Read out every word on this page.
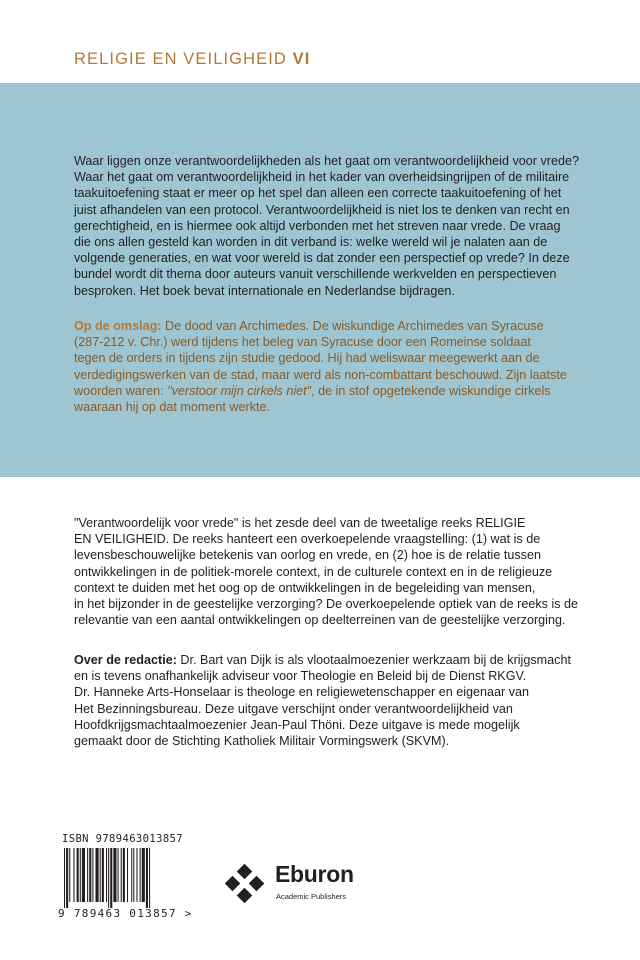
RELIGIE EN VEILIGHEID VI
Waar liggen onze verantwoordelijkheden als het gaat om verantwoordelijkheid voor vrede?
Waar het gaat om verantwoordelijkheid in het kader van overheidsingrijpen of de militaire
taakuitoefening staat er meer op het spel dan alleen een correcte taakuitoefening of het
juist afhandelen van een protocol. Verantwoordelijkheid is niet los te denken van recht en
gerechtigheid, en is hiermee ook altijd verbonden met het streven naar vrede. De vraag
die ons allen gesteld kan worden in dit verband is: welke wereld wil je nalaten aan de
volgende generaties, en wat voor wereld is dat zonder een perspectief op vrede? In deze
bundel wordt dit thema door auteurs vanuit verschillende werkvelden en perspectieven
besproken. Het boek bevat internationale en Nederlandse bijdragen.
Op de omslag: De dood van Archimedes. De wiskundige Archimedes van Syracuse
(287-212 v. Chr.) werd tijdens het beleg van Syracuse door een Romeinse soldaat
tegen de orders in tijdens zijn studie gedood. Hij had weliswaar meegewerkt aan de
verdedigingswerken van de stad, maar werd als non-combattant beschouwd. Zijn laatste
woorden waren: "verstoor mijn cirkels niet", de in stof opgetekende wiskundige cirkels
waaraan hij op dat moment werkte.
"Verantwoordelijk voor vrede" is het zesde deel van de tweetalige reeks RELIGIE
EN VEILIGHEID. De reeks hanteert een overkoepelende vraagstelling: (1) wat is de
levensbeschouwelijke betekenis van oorlog en vrede, en (2) hoe is de relatie tussen
ontwikkelingen in de politiek-morele context, in de culturele context en in de religieuze
context te duiden met het oog op de ontwikkelingen in de begeleiding van mensen,
in het bijzonder in de geestelijke verzorging? De overkoepelende optiek van de reeks is de
relevantie van een aantal ontwikkelingen op deelterreinen van de geestelijke verzorging.
Over de redactie: Dr. Bart van Dijk is als vlootaalmoezenier werkzaam bij de krijgsmacht
en is tevens onafhankelijk adviseur voor Theologie en Beleid bij de Dienst RKGV.
Dr. Hanneke Arts-Honselaar is theologe en religiewetenschapper en eigenaar van
Het Bezinningsbureau. Deze uitgave verschijnt onder verantwoordelijkheid van
Hoofdkrijgsmachtaalmoezenier Jean-Paul Thöni. Deze uitgave is mede mogelijk
gemaakt door de Stichting Katholiek Militair Vormingswerk (SKVM).
ISBN 9789463013857
9 789463 013857 >
Eburon
Academic Publishers
